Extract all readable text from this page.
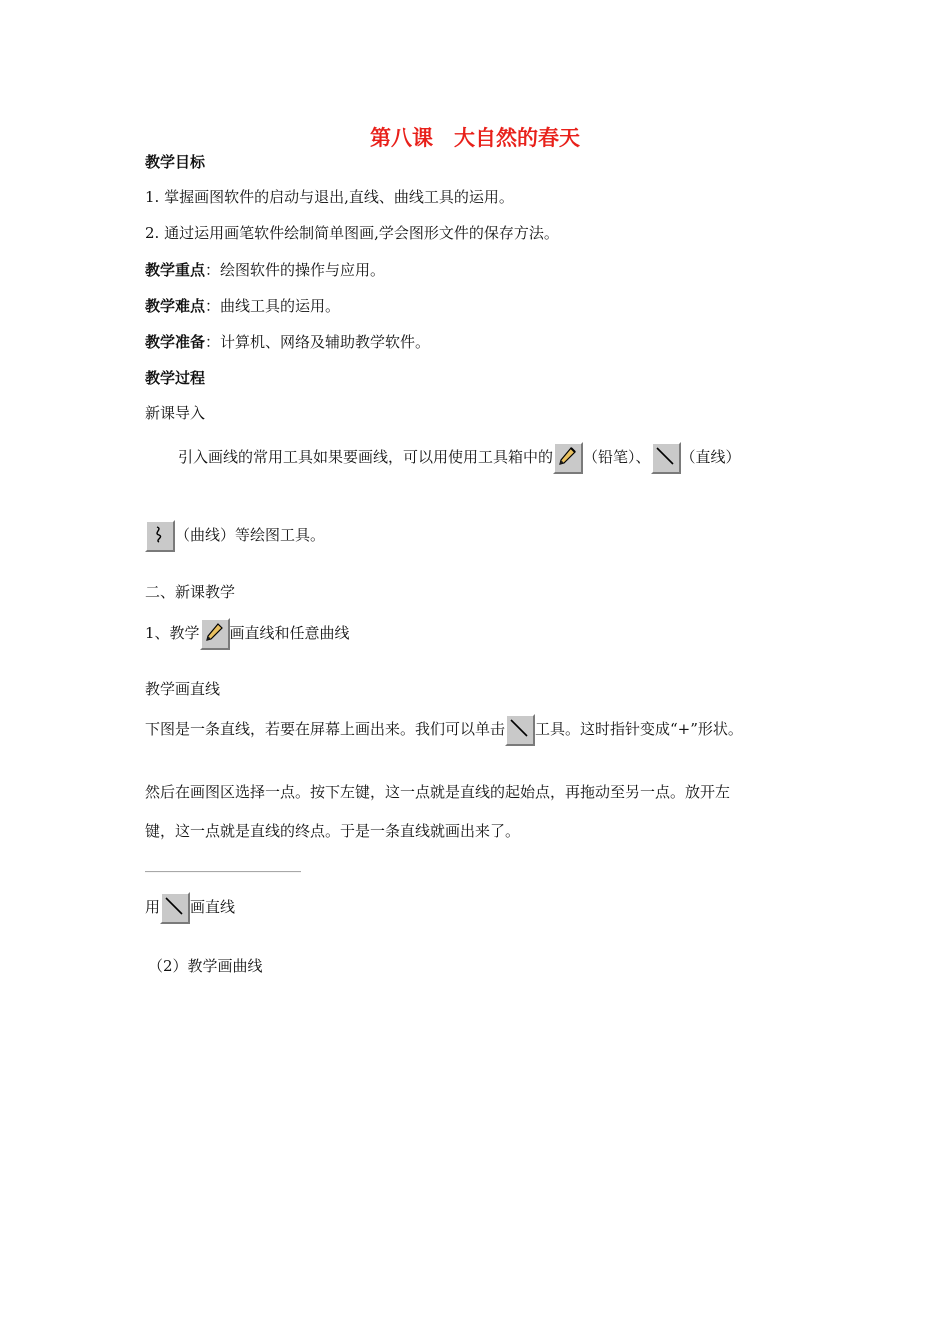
第八课　大自然的春天
教学目标
1. 掌握画图软件的启动与退出,直线、曲线工具的运用。
2. 通过运用画笔软件绘制简单图画,学会图形文件的保存方法。
教学重点：绘图软件的操作与应用。
教学难点：曲线工具的运用。
教学准备：计算机、网络及辅助教学软件。
教学过程
新课导入
引入画线的常用工具如果要画线，可以用使用工具箱中的 （铅笔）、 （直线）
（曲线）等绘图工具。
二、新课教学
1、教学 画直线和任意曲线
教学画直线
下图是一条直线，若要在屏幕上画出来。我们可以单击 工具。这时指针变成“+”形状。
然后在画图区选择一点。按下左键，这一点就是直线的起始点，再拖动至另一点。放开左
键，这一点就是直线的终点。于是一条直线就画出来了。
________________________
用 画直线
（2）教学画曲线
